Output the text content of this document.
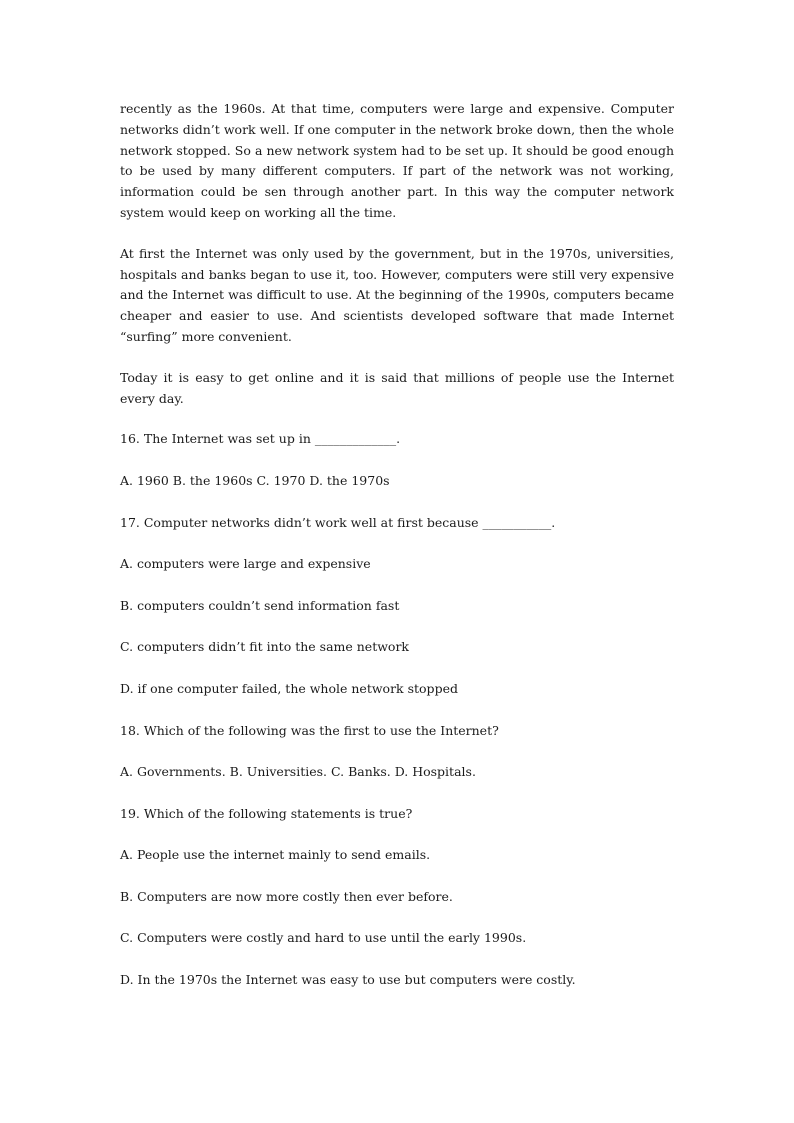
recently as the 1960s. At that time, computers were large and expensive. Computer networks didn’t work well. If one computer in the network broke down, then the whole network stopped. So a new network system had to be set up. It should be good enough to be used by many different computers. If part of the network was not working, information could be sen through another part. In this way the computer network system would keep on working all the time.

At first the Internet was only used by the government, but in the 1970s, universities, hospitals and banks began to use it, too. However, computers were still very expensive and the Internet was difficult to use. At the beginning of the 1990s, computers became cheaper and easier to use. And scientists developed software that made Internet “surfing” more convenient.

Today it is easy to get online and it is said that millions of people use the Internet every day.

16. The Internet was set up in _____________.

A. 1960 B. the 1960s C. 1970 D. the 1970s

17. Computer networks didn’t work well at first because ___________.

A. computers were large and expensive

B. computers couldn’t send information fast

C. computers didn’t fit into the same network

D. if one computer failed, the whole network stopped

18. Which of the following was the first to use the Internet?

A. Governments. B. Universities. C. Banks. D. Hospitals.

19. Which of the following statements is true?

A. People use the internet mainly to send emails.

B. Computers are now more costly then ever before.

C. Computers were costly and hard to use until the early 1990s.

D. In the 1970s the Internet was easy to use but computers were costly.
